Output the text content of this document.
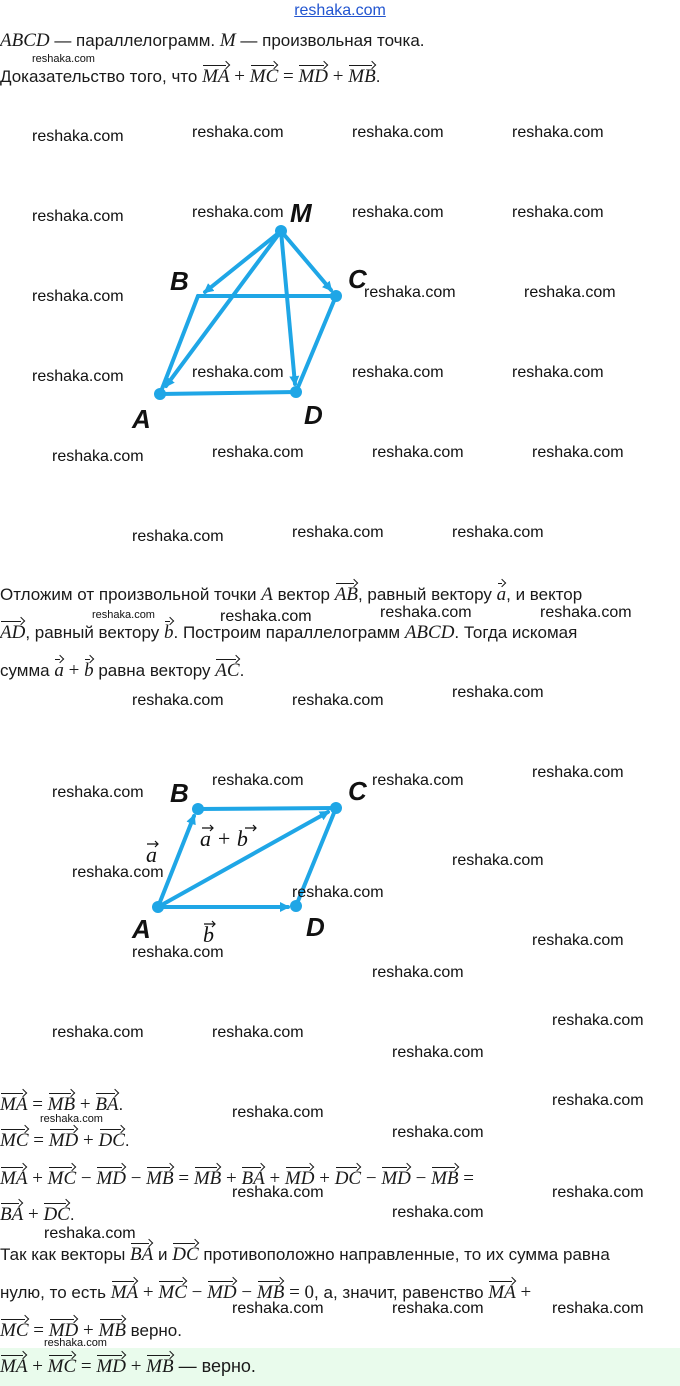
reshaka.com
ABCD — параллелограмм. M — произвольная точка.
reshaka.com
Доказательство того, что MA + MC = MD + MB.
M
B	C
A	D
Отложим от произвольной точки A вектор AB, равный вектору a, и вектор
reshaka.com
AD, равный вектору b. Построим параллелограмм ABCD. Тогда искомая
сумма a + b равна вектору AC.
B	C
A	D
a
a + b
b
MA = MB + BA.
reshaka.com
MC = MD + DC.
MA + MC − MD − MB = MB + BA + MD + DC − MD − MB =
BA + DC.
reshaka.com
Так как векторы BA и DC противоположно направленные, то их сумма равна
нулю, то есть MA + MC − MD − MB = 0, а, значит, равенство MA +
MC = MD + MB верно.
reshaka.com
MA + MC = MD + MB — верно.
reshaka.com	reshaka.com	reshaka.com	reshaka.com
reshaka.com	reshaka.com	reshaka.com	reshaka.com
reshaka.com	reshaka.com	reshaka.com
reshaka.com	reshaka.com	reshaka.com	reshaka.com
reshaka.com	reshaka.com	reshaka.com	reshaka.com
reshaka.com	reshaka.com	reshaka.com
reshaka.com	reshaka.com	reshaka.com
reshaka.com	reshaka.com	reshaka.com
reshaka.com	reshaka.com	reshaka.com
reshaka.com
reshaka.com
reshaka.com
reshaka.com
reshaka.com
reshaka.com
reshaka.com
reshaka.com
reshaka.com	reshaka.com
reshaka.com
reshaka.com
reshaka.com
reshaka.com
reshaka.com	reshaka.com
reshaka.com
reshaka.com	reshaka.com	reshaka.com
